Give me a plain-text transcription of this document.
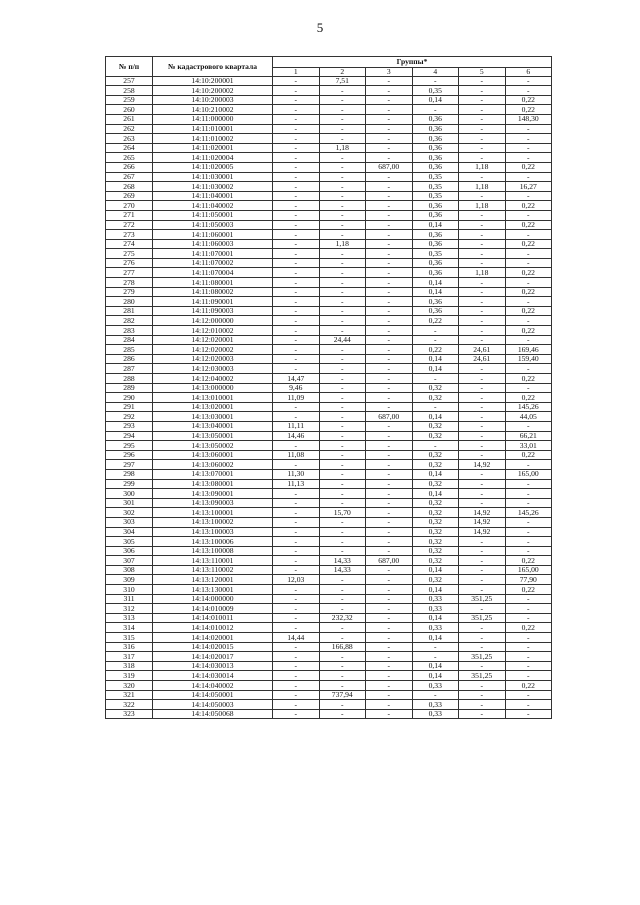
5
№ п/п	№ кадастрового квартала	Группы*					
		1	2	3	4	5	6
257	14:10:200001	-	7,51	-	-	-	-
258	14:10:200002	-	-	-	0,35	-	-
259	14:10:200003	-	-	-	0,14	-	0,22
260	14:10:210002	-	-	-	-	-	0,22
261	14:11:000000	-	-	-	0,36	-	148,30
262	14:11:010001	-	-	-	0,36	-	-
263	14:11:010002	-	-	-	0,36	-	-
264	14:11:020001	-	1,18	-	0,36	-	-
265	14:11:020004	-	-	-	0,36	-	-
266	14:11:020005	-	-	687,00	0,36	1,18	0,22
267	14:11:030001	-	-	-	0,35	-	-
268	14:11:030002	-	-	-	0,35	1,18	16,27
269	14:11:040001	-	-	-	0,35	-	-
270	14:11:040002	-	-	-	0,36	1,18	0,22
271	14:11:050001	-	-	-	0,36	-	-
272	14:11:050003	-	-	-	0,14	-	0,22
273	14:11:060001	-	-	-	0,36	-	-
274	14:11:060003	-	1,18	-	0,36	-	0,22
275	14:11:070001	-	-	-	0,35	-	-
276	14:11:070002	-	-	-	0,36	-	-
277	14:11:070004	-	-	-	0,36	1,18	0,22
278	14:11:080001	-	-	-	0,14	-	-
279	14:11:080002	-	-	-	0,14	-	0,22
280	14:11:090001	-	-	-	0,36	-	-
281	14:11:090003	-	-	-	0,36	-	0,22
282	14:12:000000	-	-	-	0,22	-	-
283	14:12:010002	-	-	-	-	-	0,22
284	14:12:020001	-	24,44	-	-	-	-
285	14:12:020002	-	-	-	0,22	24,61	169,46
286	14:12:020003	-	-	-	0,14	24,61	159,40
287	14:12:030003	-	-	-	0,14	-	-
288	14:12:040002	14,47	-	-	-	-	0,22
289	14:13:000000	9,46	-	-	0,32	-	-
290	14:13:010001	11,09	-	-	0,32	-	0,22
291	14:13:020001	-	-	-	-	-	145,26
292	14:13:030001	-	-	687,00	0,14	-	44,05
293	14:13:040001	11,11	-	-	0,32	-	-
294	14:13:050001	14,46	-	-	0,32	-	66,21
295	14:13:050002	-	-	-	-	-	33,01
296	14:13:060001	11,08	-	-	0,32	-	0,22
297	14:13:060002	-	-	-	0,32	14,92	-
298	14:13:070001	11,30	-	-	0,14	-	165,00
299	14:13:080001	11,13	-	-	0,32	-	-
300	14:13:090001	-	-	-	0,14	-	-
301	14:13:090003	-	-	-	0,32	-	-
302	14:13:100001	-	15,70	-	0,32	14,92	145,26
303	14:13:100002	-	-	-	0,32	14,92	-
304	14:13:100003	-	-	-	0,32	14,92	-
305	14:13:100006	-	-	-	0,32	-	-
306	14:13:100008	-	-	-	0,32	-	-
307	14:13:110001	-	14,33	687,00	0,32	-	0,22
308	14:13:110002	-	14,33	-	0,14	-	165,00
309	14:13:120001	12,03	-	-	0,32	-	77,90
310	14:13:130001	-	-	-	0,14	-	0,22
311	14:14:000000	-	-	-	0,33	351,25	-
312	14:14:010009	-	-	-	0,33	-	-
313	14:14:010011	-	232,32	-	0,14	351,25	-
314	14:14:010012	-	-	-	0,33	-	0,22
315	14:14:020001	14,44	-	-	0,14	-	-
316	14:14:020015	-	166,88	-	-	-	-
317	14:14:020017	-	-	-	-	351,25	-
318	14:14:030013	-	-	-	0,14	-	-
319	14:14:030014	-	-	-	0,14	351,25	-
320	14:14:040002	-	-	-	0,33	-	0,22
321	14:14:050001	-	737,94	-	-	-	-
322	14:14:050003	-	-	-	0,33	-	-
323	14:14:050068	-	-	-	0,33	-	-
